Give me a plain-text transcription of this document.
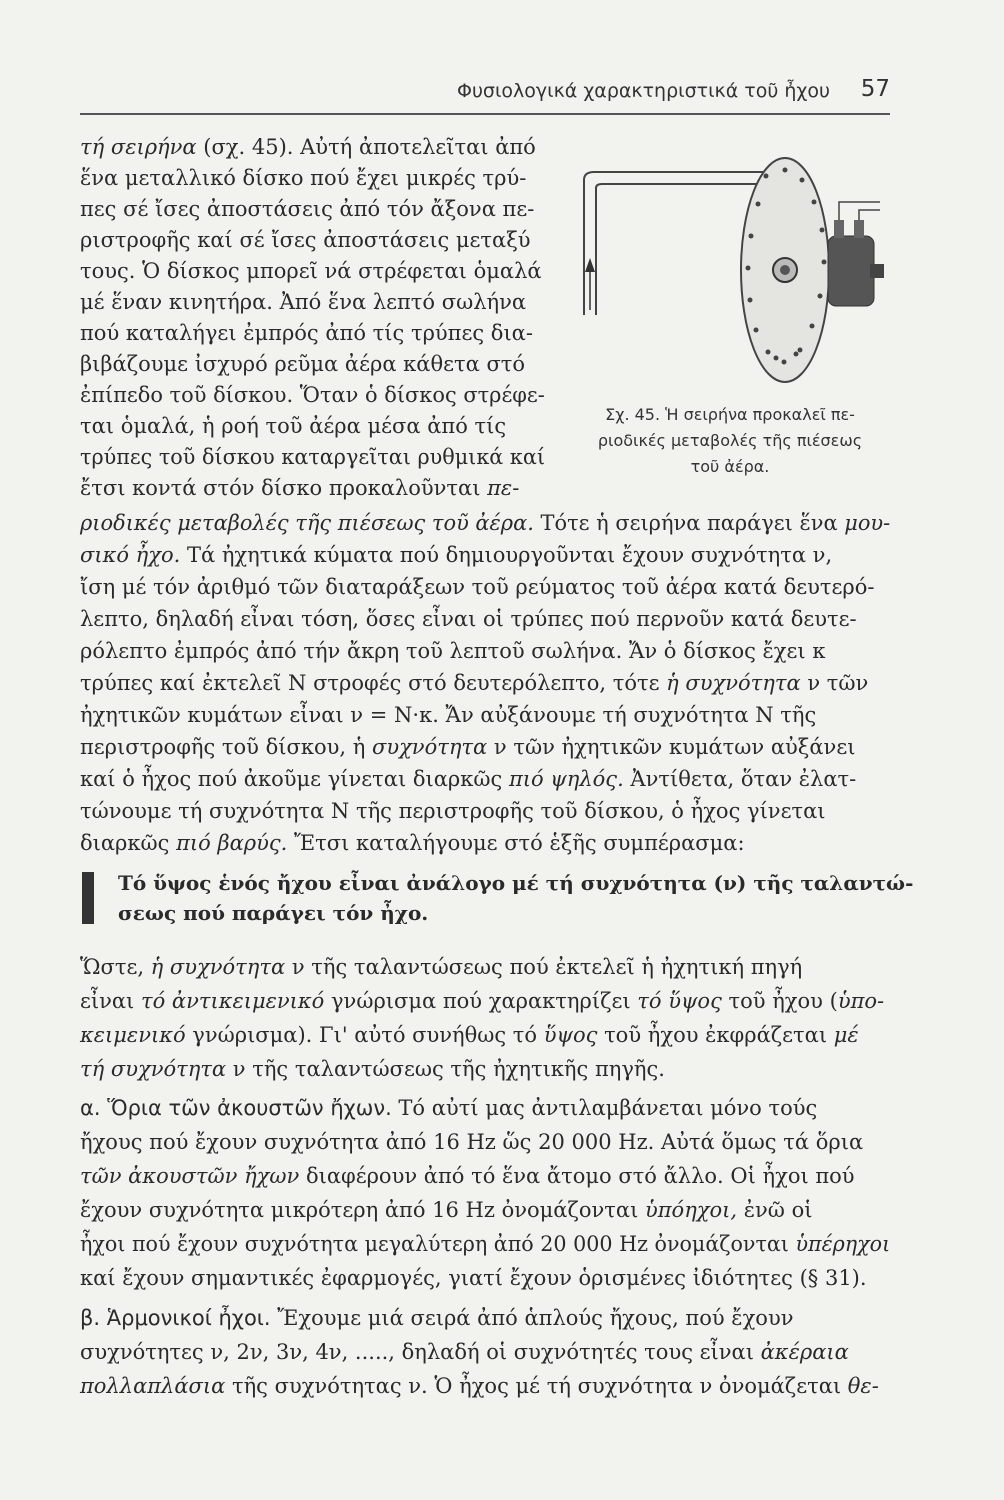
Φυσιολογικά χαρακτηριστικά τοῦ ἦχου 57
τή σειρήνα (σχ. 45). Αὐτή ἀποτελεῖται ἀπό
ἕνα μεταλλικό δίσκο πού ἔχει μικρές τρύ-
πες σέ ἴσες ἀποστάσεις ἀπό τόν ἄξονα πε-
ριστροφῆς καί σέ ἴσες ἀποστάσεις μεταξύ
τους. Ὁ δίσκος μπορεῖ νά στρέφεται ὁμαλά
μέ ἕναν κινητήρα. Ἀπό ἕνα λεπτό σωλήνα
πού καταλήγει ἐμπρός ἀπό τίς τρύπες δια-
βιβάζουμε ἰσχυρό ρεῦμα ἀέρα κάθετα στό
ἐπίπεδο τοῦ δίσκου. Ὅταν ὁ δίσκος στρέφε-
ται ὁμαλά, ἡ ροή τοῦ ἀέρα μέσα ἀπό τίς
τρύπες τοῦ δίσκου καταργεῖται ρυθμικά καί
ἔτσι κοντά στόν δίσκο προκαλοῦνται πε-
ριοδικές μεταβολές τῆς πιέσεως τοῦ ἀέρα. Τότε ἡ σειρήνα παράγει ἕνα μου-
σικό ἦχο. Τά ἠχητικά κύματα πού δημιουργοῦνται ἔχουν συχνότητα ν,
ἴση μέ τόν ἀριθμό τῶν διαταράξεων τοῦ ρεύματος τοῦ ἀέρα κατά δευτερό-
λεπτο, δηλαδή εἶναι τόση, ὅσες εἶναι οἱ τρύπες πού περνοῦν κατά δευτε-
ρόλεπτο ἐμπρός ἀπό τήν ἄκρη τοῦ λεπτοῦ σωλήνα. Ἄν ὁ δίσκος ἔχει κ
τρύπες καί ἐκτελεῖ Ν στροφές στό δευτερόλεπτο, τότε ἡ συχνότητα ν τῶν
ἠχητικῶν κυμάτων εἶναι ν = Ν·κ. Ἄν αὐξάνουμε τή συχνότητα Ν τῆς
περιστροφῆς τοῦ δίσκου, ἡ συχνότητα ν τῶν ἠχητικῶν κυμάτων αὐξάνει
καί ὁ ἦχος πού ἀκοῦμε γίνεται διαρκῶς πιό ψηλός. Ἀντίθετα, ὅταν ἐλατ-
τώνουμε τή συχνότητα Ν τῆς περιστροφῆς τοῦ δίσκου, ὁ ἦχος γίνεται
διαρκῶς πιό βαρύς. Ἔτσι καταλήγουμε στό ἑξῆς συμπέρασμα:
Ὥστε, ἡ συχνότητα ν τῆς ταλαντώσεως πού ἐκτελεῖ ἡ ἠχητική πηγή
εἶναι τό ἀντικειμενικό γνώρισμα πού χαρακτηρίζει τό ὕψος τοῦ ἦχου (ὑπο-
κειμενικό γνώρισμα). Γι' αὐτό συνήθως τό ὕψος τοῦ ἦχου ἐκφράζεται μέ
τή συχνότητα ν τῆς ταλαντώσεως τῆς ἠχητικῆς πηγῆς.
α. Ὅρια τῶν ἀκουστῶν ἤχων. Τό αὐτί μας ἀντιλαμβάνεται μόνο τούς
ἤχους πού ἔχουν συχνότητα ἀπό 16 Hz ὥς 20 000 Hz. Αὐτά ὅμως τά ὅρια
τῶν ἀκουστῶν ἤχων διαφέρουν ἀπό τό ἕνα ἄτομο στό ἄλλο. Οἱ ἦχοι πού
ἔχουν συχνότητα μικρότερη ἀπό 16 Hz ὀνομάζονται ὑπόηχοι, ἐνῶ οἱ
ἦχοι πού ἔχουν συχνότητα μεγαλύτερη ἀπό 20 000 Hz ὀνομάζονται ὑπέρηχοι
καί ἔχουν σημαντικές ἐφαρμογές, γιατί ἔχουν ὁρισμένες ἰδιότητες (§ 31).
β. Ἁρμονικοί ἦχοι. Ἔχουμε μιά σειρά ἀπό ἁπλούς ἤχους, πού ἔχουν
συχνότητες ν, 2ν, 3ν, 4ν, ....., δηλαδή οἱ συχνότητές τους εἶναι ἀκέραια
πολλαπλάσια τῆς συχνότητας ν. Ὁ ἦχος μέ τή συχνότητα ν ὀνομάζεται θε-
Σχ. 45. Ἡ σειρήνα προκαλεῖ πε-
ριοδικές μεταβολές τῆς πιέσεως
τοῦ ἀέρα.
Τό ὕψος ἑνός ἤχου εἶναι ἀνάλογο μέ τή συχνότητα (ν) τῆς ταλαντώ-
σεως πού παράγει τόν ἦχο.
